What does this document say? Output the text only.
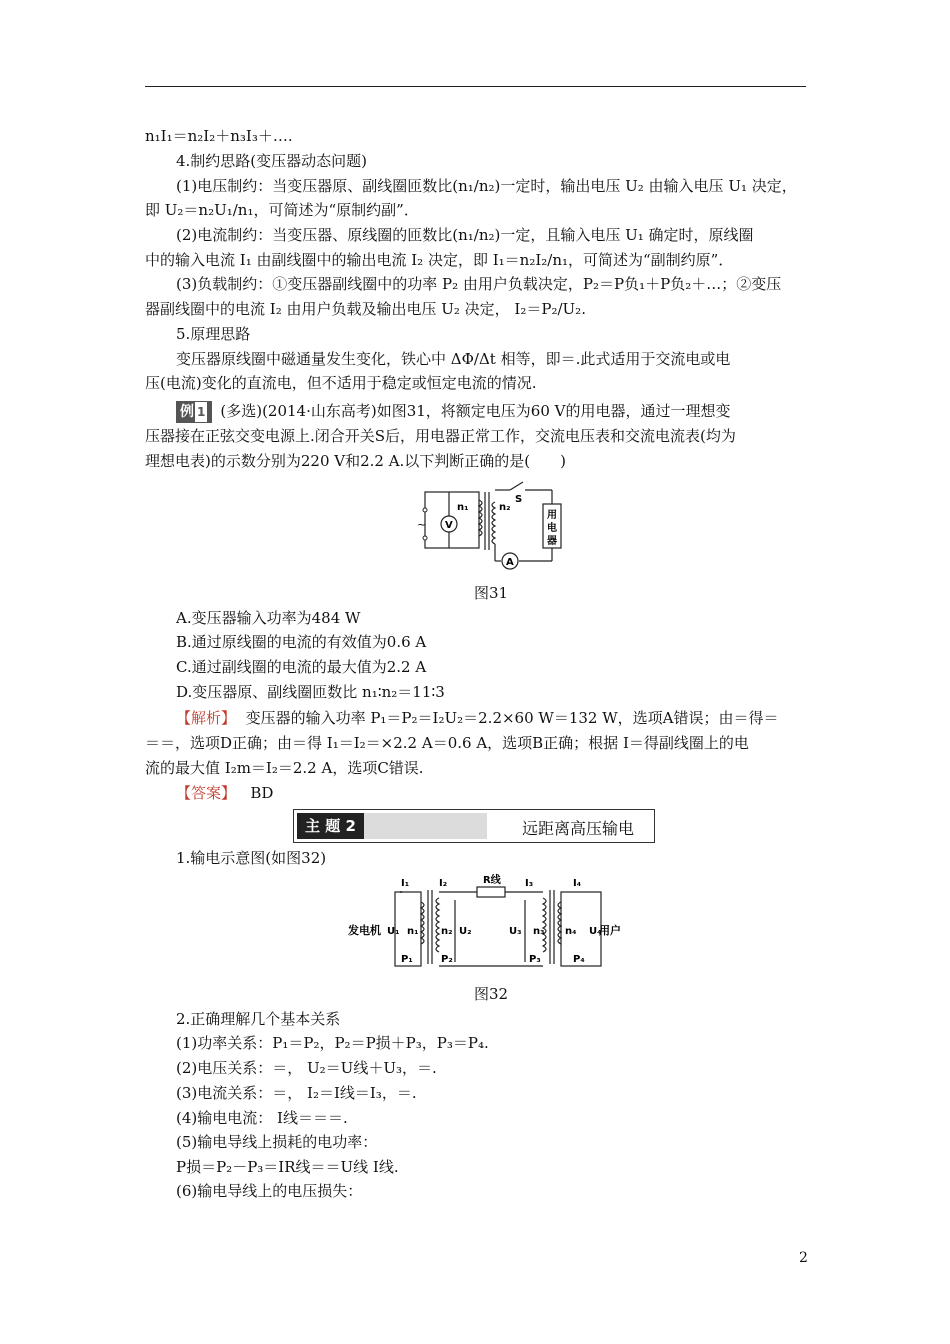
n₁I₁＝n₂I₂＋n₃I₃＋….
4.制约思路(变压器动态问题)
(1)电压制约：当变压器原、副线圈匝数比(n₁/n₂)一定时，输出电压 U₂ 由输入电压 U₁ 决定，
即 U₂＝n₂U₁/n₁，可简述为“原制约副”．
(2)电流制约：当变压器、原线圈的匝数比(n₁/n₂)一定，且输入电压 U₁ 确定时，原线圈
中的输入电流 I₁ 由副线圈中的输出电流 I₂ 决定，即 I₁＝n₂I₂/n₁，可简述为“副制约原”．
(3)负载制约：①变压器副线圈中的功率 P₂ 由用户负载决定，P₂＝P负₁＋P负₂＋…；②变压
器副线圈中的电流 I₂ 由用户负载及输出电压 U₂ 决定， I₂＝P₂/U₂.
5.原理思路
变压器原线圈中磁通量发生变化，铁心中 ΔΦ/Δt 相等，即＝.此式适用于交流电或电
压(电流)变化的直流电，但不适用于稳定或恒定电流的情况.
例 1 (多选)(2014·山东高考)如图31，将额定电压为60 V的用电器，通过一理想变
压器接在正弦交变电源上.闭合开关S后，用电器正常工作，交流电压表和交流电流表(均为
理想电表)的示数分别为220 V和2.2 A.以下判断正确的是(　　)
~ V
n₁	n₂
S
A
用
电
器
图31
A.变压器输入功率为484 W
B.通过原线圈的电流的有效值为0.6 A
C.通过副线圈的电流的最大值为2.2 A
D.变压器原、副线圈匝数比 n₁∶n₂＝11∶3
【解析】 变压器的输入功率 P₁＝P₂＝I₂U₂＝2.2×60 W＝132 W，选项A错误；由＝得＝
＝＝，选项D正确；由＝得 I₁＝I₂＝×2.2 A＝0.6 A，选项B正确；根据 I＝得副线圈上的电
流的最大值 I₂m＝I₂＝2.2 A，选项C错误.
【答案】 BD
主 题 2	远距离高压输电
1.输电示意图(如图32)
发电机	用户
I₁	I₂	R线 I₃	I₄
U₁	U₂	U₃	U₄
n₁ n₂	n₃ n₄
P₁	P₂	P₃	P₄
图32
2.正确理解几个基本关系
(1)功率关系：P₁＝P₂，P₂＝P损＋P₃，P₃＝P₄.
(2)电压关系：＝， U₂＝U线＋U₃，＝.
(3)电流关系：＝， I₂＝I线＝I₃，＝.
(4)输电电流： I线＝＝＝.
(5)输电导线上损耗的电功率：
P损＝P₂－P₃＝IR线＝＝U线 I线.
(6)输电导线上的电压损失：
2
